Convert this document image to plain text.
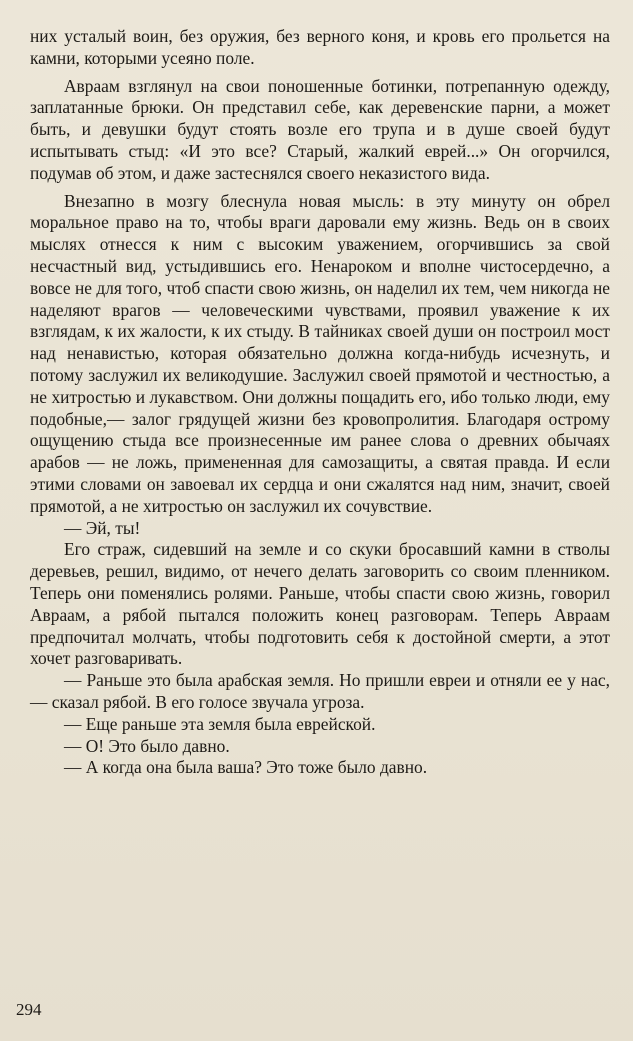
них усталый воин, без оружия, без верного коня, и кровь его прольется на камни, которыми усеяно поле.

Авраам взглянул на свои поношенные ботинки, потрепанную одежду, заплатанные брюки. Он представил себе, как деревенские парни, а может быть, и девушки будут стоять возле его трупа и в душе своей будут испытывать стыд: «И это все? Старый, жалкий еврей...» Он огорчился, подумав об этом, и даже застеснялся своего неказистого вида.

Внезапно в мозгу блеснула новая мысль: в эту минуту он обрел моральное право на то, чтобы враги даровали ему жизнь. Ведь он в своих мыслях отнесся к ним с высоким уважением, огорчившись за свой несчастный вид, устыдившись его. Ненароком и вполне чистосердечно, а вовсе не для того, чтоб спасти свою жизнь, он наделил их тем, чем никогда не наделяют врагов — человеческими чувствами, проявил уважение к их взглядам, к их жалости, к их стыду. В тайниках своей души он построил мост над ненавистью, которая обязательно должна когда-нибудь исчезнуть, и потому заслужил их великодушие. Заслужил своей прямотой и честностью, а не хитростью и лукавством. Они должны пощадить его, ибо только люди, ему подобные,— залог грядущей жизни без кровопролития. Благодаря острому ощущению стыда все произнесенные им ранее слова о древних обычаях арабов — не ложь, примененная для самозащиты, а святая правда. И если этими словами он завоевал их сердца и они сжалятся над ним, значит, своей прямотой, а не хитростью он заслужил их сочувствие.

— Эй, ты!

Его страж, сидевший на земле и со скуки бросавший камни в стволы деревьев, решил, видимо, от нечего делать заговорить со своим пленником. Теперь они поменялись ролями. Раньше, чтобы спасти свою жизнь, говорил Авраам, а рябой пытался положить конец разговорам. Теперь Авраам предпочитал молчать, чтобы подготовить себя к достойной смерти, а этот хочет разговаривать.

— Раньше это была арабская земля. Но пришли евреи и отняли ее у нас,— сказал рябой. В его голосе звучала угроза.

— Еще раньше эта земля была еврейской.

— О! Это было давно.

— А когда она была ваша? Это тоже было давно.

294
